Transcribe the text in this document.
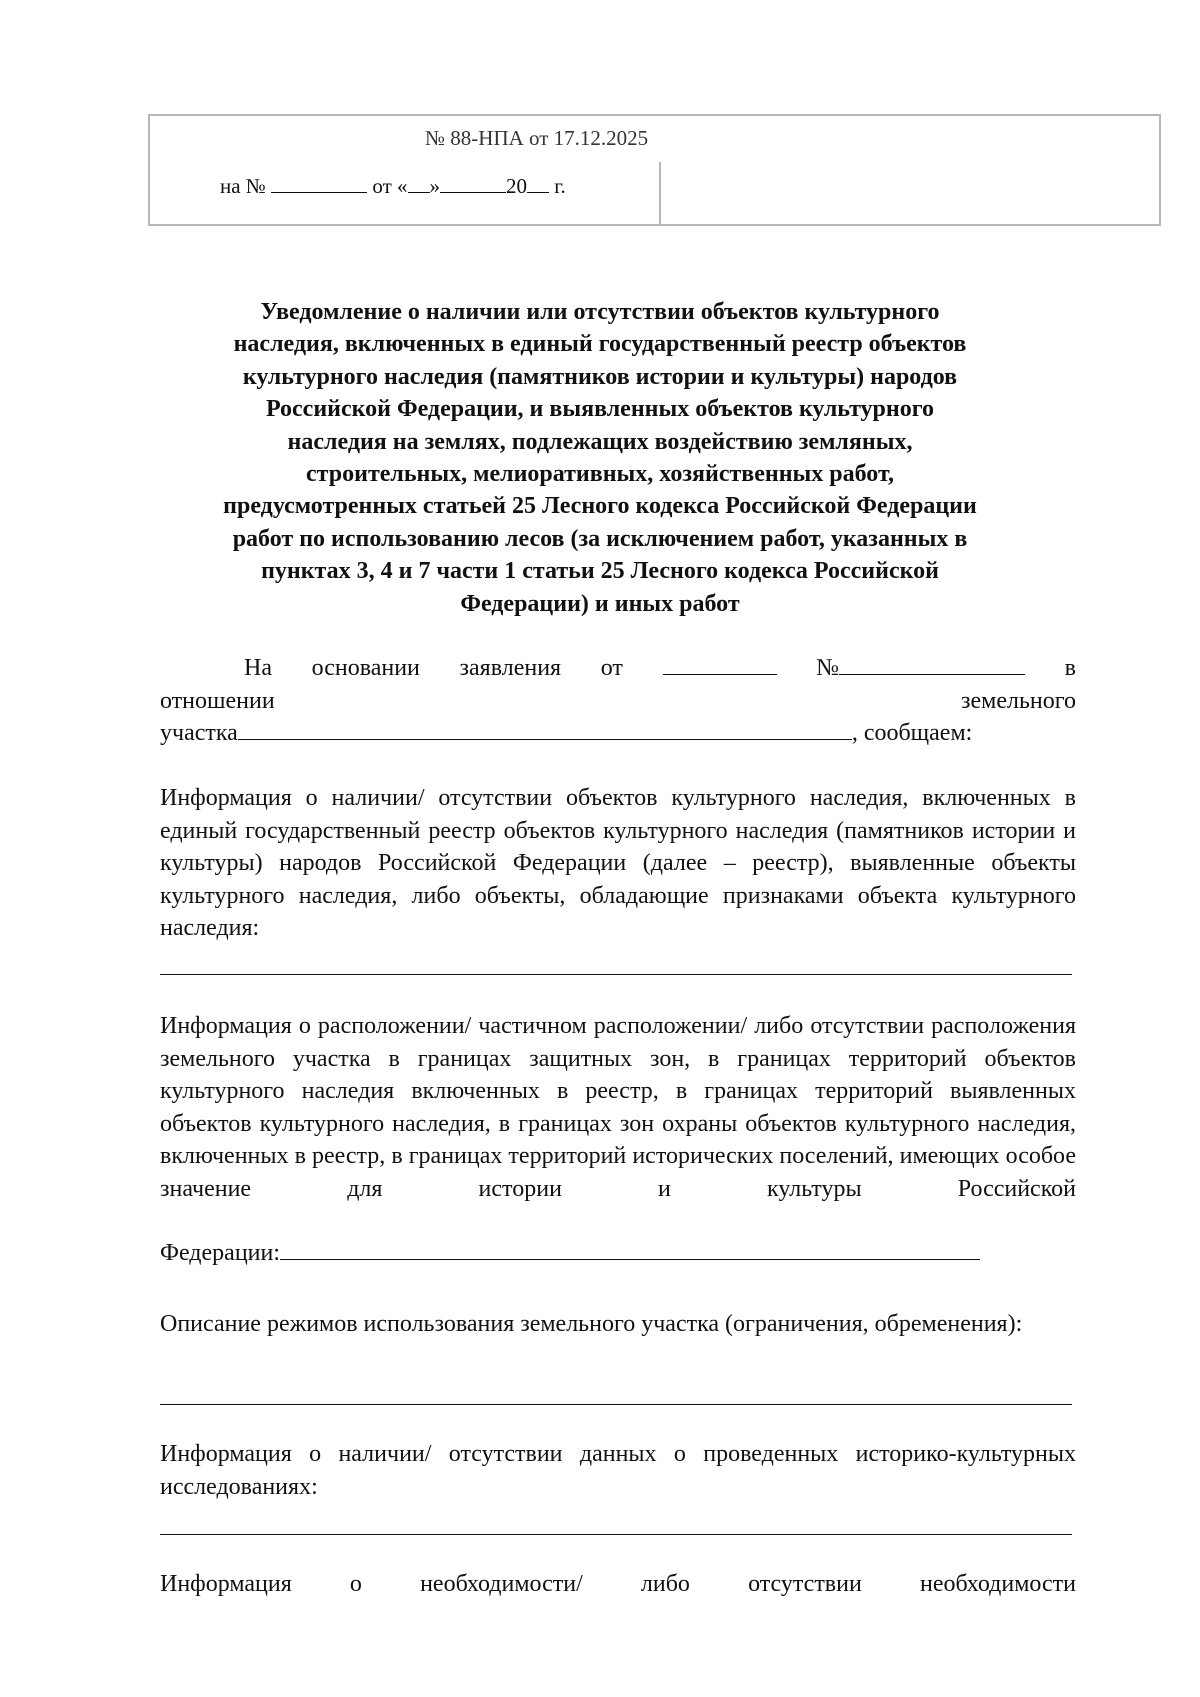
№ 88-НПА от 17.12.2025
на №	от « »	20 г.
Уведомление о наличии или отсутствии объектов культурного
наследия, включенных в единый государственный реестр объектов
культурного наследия (памятников истории и культуры) народов
Российской Федерации, и выявленных объектов культурного
наследия на землях, подлежащих воздействию земляных,
строительных, мелиоративных, хозяйственных работ,
предусмотренных статьей 25 Лесного кодекса Российской Федерации
работ по использованию лесов (за исключением работ, указанных в
пунктах 3, 4 и 7 части 1 статьи 25 Лесного кодекса Российской
Федерации) и иных работ
На основании заявления от	№	в
отношении	земельного
участка	, сообщаем:
Информация о наличии/ отсутствии объектов культурного наследия, включенных в единый государственный реестр объектов культурного наследия (памятников истории и культуры) народов Российской Федерации (далее – реестр), выявленные объекты культурного наследия, либо объекты, обладающие признаками объекта культурного наследия:
Информация о расположении/ частичном расположении/ либо отсутствии расположения земельного участка в границах защитных зон, в границах территорий объектов культурного наследия включенных в реестр, в границах территорий выявленных объектов культурного наследия, в границах зон охраны объектов культурного наследия, включенных в реестр, в границах территорий исторических поселений, имеющих особое значение для истории и культуры Российской
Федерации:
Описание режимов использования земельного участка (ограничения, обременения):
Информация о наличии/ отсутствии данных о проведенных историко-культурных исследованиях:
Информация о необходимости/ либо отсутствии необходимости
